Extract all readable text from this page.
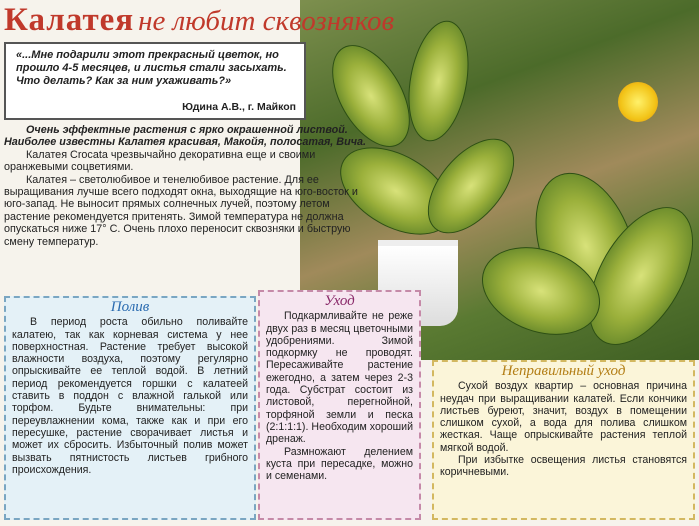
Калатея не любит сквозняков
«...Мне подарили этот прекрасный цветок, но прошло 4-5 месяцев, и листья стали засыхать. Что делать? Как за ним ухаживать?»
Юдина А.В., г. Майкоп

Очень эффектные растения с ярко окрашенной листвой. Наиболее известны Калатея красивая, Макойя, полосатая, Вича.

Калатея Crocata чрезвычайно декоративна еще и своими оранжевыми соцветиями.

Калатея – светолюбивое и тенелюбивое растение. Для ее выращивания лучше всего подходят окна, выходящие на юго-восток и юго-запад. Не выносит прямых солнечных лучей, поэтому летом растение рекомендуется притенять. Зимой температура не должна опускаться ниже 17° С. Очень плохо переносит сквозняки и быструю смену температур.

Полив

В период роста обильно поливайте калатею, так как корневая система у нее поверхностная. Растение требует высокой влажности воздуха, поэтому регулярно опрыскивайте ее теплой водой. В летний период рекомендуется горшки с калатеей ставить в поддон с влажной галькой или торфом. Будьте внимательны: при переувлажнении кома, также как и при его пересушке, растение сворачивает листья и может их сбросить. Избыточный полив может вызвать пятнистость листьев грибного происхождения.

Уход

Подкармливайте не реже двух раз в месяц цветочными удобрениями. Зимой подкормку не проводят. Пересаживайте растение ежегодно, а затем через 2-3 года. Субстрат состоит из листовой, перегнойной, торфяной земли и песка (2:1:1:1). Необходим хороший дренаж.

Размножают делением куста при пересадке, можно и семенами.

Неправильный уход

Сухой воздух квартир – основная причина неудач при выращивании калатей. Если кончики листьев буреют, значит, воздух в помещении слишком сухой, а вода для полива слишком жесткая. Чаще опрыскивайте растения теплой мягкой водой.

При избытке освещения листья становятся коричневыми.
